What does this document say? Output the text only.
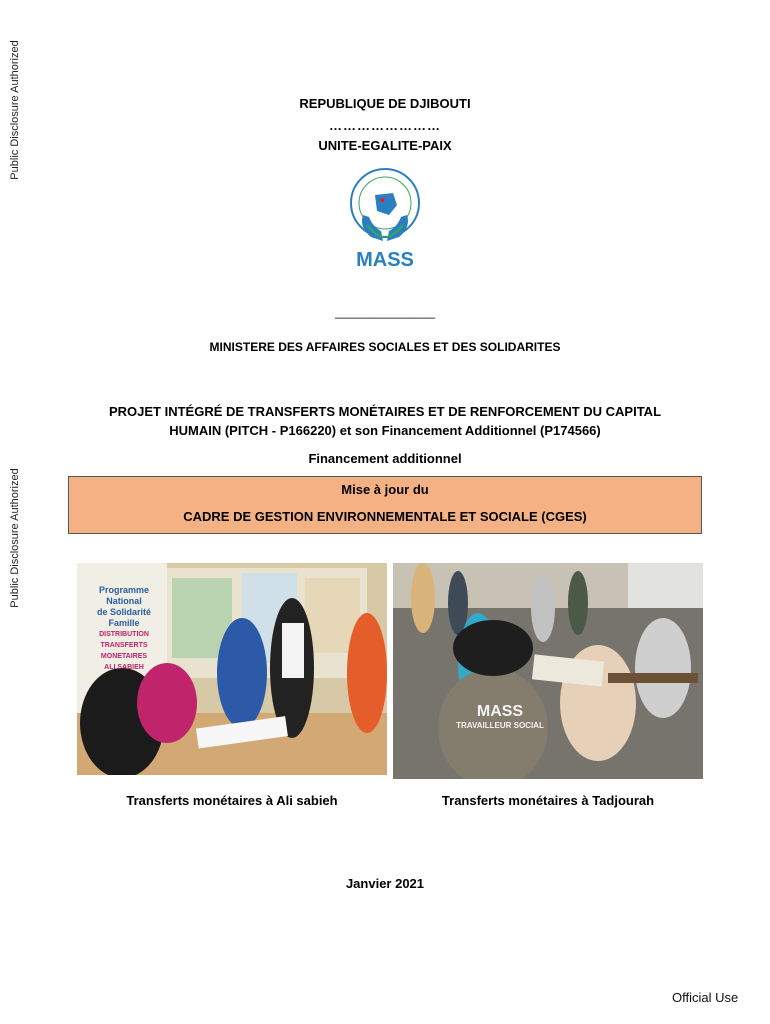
Public Disclosure Authorized
Public Disclosure Authorized
REPUBLIQUE DE DJIBOUTI
……………………
UNITE-EGALITE-PAIX
MASS
_______________
MINISTERE DES AFFAIRES SOCIALES ET DES SOLIDARITES
PROJET INTÉGRÉ DE TRANSFERTS MONÉTAIRES ET DE RENFORCEMENT DU CAPITAL
HUMAIN (PITCH - P166220) et son Financement Additionnel (P174566)
Financement additionnel
Mise à jour du
CADRE DE GESTION ENVIRONNEMENTALE ET SOCIALE (CGES)
Programme National
de Solidarité Famille
DISTRIBUTION
TRANSFERTS MONETAIRES
ALI SABIEH
MASS
TRAVAILLEUR SOCIAL
Transferts monétaires à Ali sabieh	Transferts monétaires à Tadjourah
Janvier 2021
Official Use
